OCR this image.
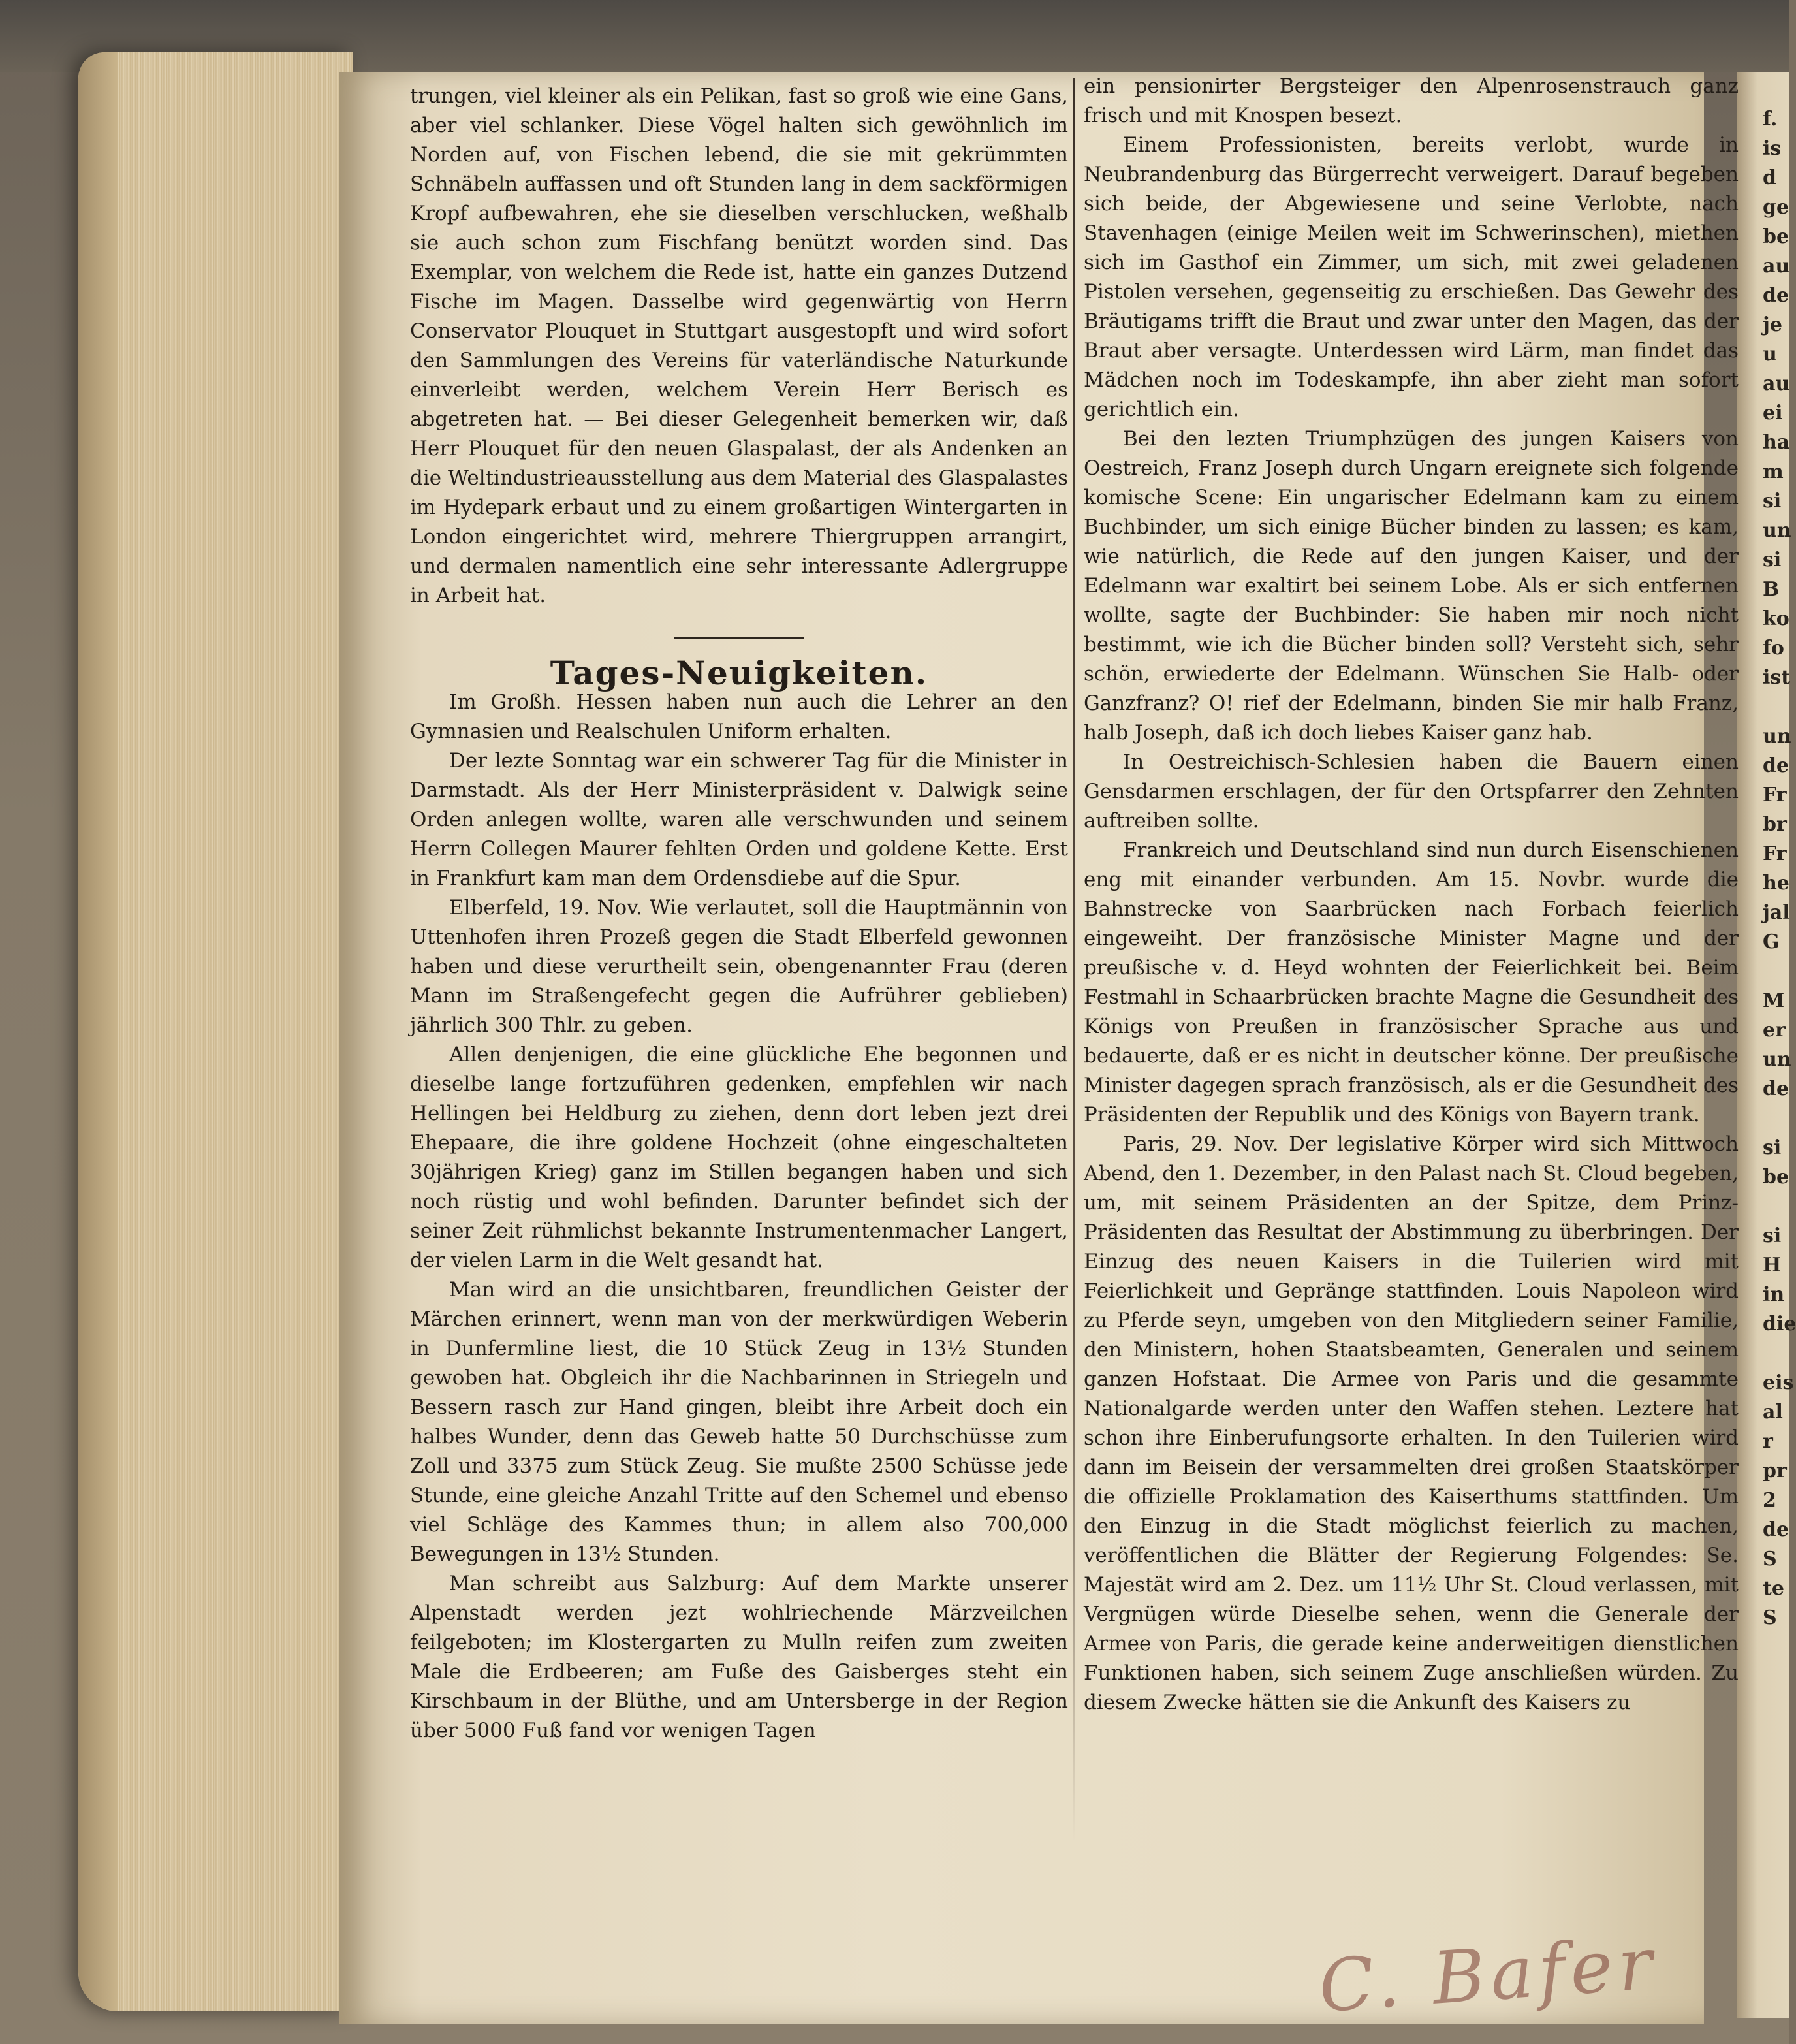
f.
is
d
ge
be
au
de
je
u
au
ei
ha
m
si
un
si
B
ko
fo
ist

un
de
Fr
br
Fr
he
jal
G

M
er
un
de

si
be

si
H
in
die

eis
al
r
pr
2
de
S
te
S

trungen, viel kleiner als ein Pelikan, fast so groß wie eine Gans, aber viel schlanker. Diese Vögel halten sich gewöhnlich im Norden auf, von Fischen lebend, die sie mit gekrümmten Schnäbeln auffassen und oft Stunden lang in dem sackförmigen Kropf aufbewahren, ehe sie dieselben verschlucken, weßhalb sie auch schon zum Fischfang benützt worden sind. Das Exemplar, von welchem die Rede ist, hatte ein ganzes Dutzend Fische im Magen. Dasselbe wird gegenwärtig von Herrn Conservator Plouquet in Stuttgart ausgestopft und wird sofort den Sammlungen des Vereins für vaterländische Naturkunde einverleibt werden, welchem Verein Herr Berisch es abgetreten hat. — Bei dieser Gelegenheit bemerken wir, daß Herr Plouquet für den neuen Glaspalast, der als Andenken an die Weltindustrieausstellung aus dem Material des Glaspalastes im Hydepark erbaut und zu einem großartigen Wintergarten in London eingerichtet wird, mehrere Thiergruppen arrangirt, und dermalen namentlich eine sehr interessante Adlergruppe in Arbeit hat.

Tages-Neuigkeiten.

Im Großh. Hessen haben nun auch die Lehrer an den Gymnasien und Realschulen Uniform erhalten.

Der lezte Sonntag war ein schwerer Tag für die Minister in Darmstadt. Als der Herr Ministerpräsident v. Dalwigk seine Orden anlegen wollte, waren alle verschwunden und seinem Herrn Collegen Maurer fehlten Orden und goldene Kette. Erst in Frankfurt kam man dem Ordensdiebe auf die Spur.

Elberfeld, 19. Nov. Wie verlautet, soll die Hauptmännin von Uttenhofen ihren Prozeß gegen die Stadt Elberfeld gewonnen haben und diese verurtheilt sein, obengenannter Frau (deren Mann im Straßengefecht gegen die Aufrührer geblieben) jährlich 300 Thlr. zu geben.

Allen denjenigen, die eine glückliche Ehe begonnen und dieselbe lange fortzuführen gedenken, empfehlen wir nach Hellingen bei Heldburg zu ziehen, denn dort leben jezt drei Ehepaare, die ihre goldene Hochzeit (ohne eingeschalteten 30jährigen Krieg) ganz im Stillen begangen haben und sich noch rüstig und wohl befinden. Darunter befindet sich der seiner Zeit rühmlichst bekannte Instrumentenmacher Langert, der vielen Larm in die Welt gesandt hat.

Man wird an die unsichtbaren, freundlichen Geister der Märchen erinnert, wenn man von der merkwürdigen Weberin in Dunfermline liest, die 10 Stück Zeug in 13½ Stunden gewoben hat. Obgleich ihr die Nachbarinnen in Striegeln und Bessern rasch zur Hand gingen, bleibt ihre Arbeit doch ein halbes Wunder, denn das Geweb hatte 50 Durchschüsse zum Zoll und 3375 zum Stück Zeug. Sie mußte 2500 Schüsse jede Stunde, eine gleiche Anzahl Tritte auf den Schemel und ebenso viel Schläge des Kammes thun; in allem also 700,000 Bewegungen in 13½ Stunden.

Man schreibt aus Salzburg: Auf dem Markte unserer Alpenstadt werden jezt wohlriechende Märzveilchen feilgeboten; im Klostergarten zu Mulln reifen zum zweiten Male die Erdbeeren; am Fuße des Gaisberges steht ein Kirschbaum in der Blüthe, und am Untersberge in der Region über 5000 Fuß fand vor wenigen Tagen

ein pensionirter Bergsteiger den Alpenrosenstrauch ganz frisch und mit Knospen besezt.

Einem Professionisten, bereits verlobt, wurde in Neubrandenburg das Bürgerrecht verweigert. Darauf begeben sich beide, der Abgewiesene und seine Verlobte, nach Stavenhagen (einige Meilen weit im Schwerinschen), miethen sich im Gasthof ein Zimmer, um sich, mit zwei geladenen Pistolen versehen, gegenseitig zu erschießen. Das Gewehr des Bräutigams trifft die Braut und zwar unter den Magen, das der Braut aber versagte. Unterdessen wird Lärm, man findet das Mädchen noch im Todeskampfe, ihn aber zieht man sofort gerichtlich ein.

Bei den lezten Triumphzügen des jungen Kaisers von Oestreich, Franz Joseph durch Ungarn ereignete sich folgende komische Scene: Ein ungarischer Edelmann kam zu einem Buchbinder, um sich einige Bücher binden zu lassen; es kam, wie natürlich, die Rede auf den jungen Kaiser, und der Edelmann war exaltirt bei seinem Lobe. Als er sich entfernen wollte, sagte der Buchbinder: Sie haben mir noch nicht bestimmt, wie ich die Bücher binden soll? Versteht sich, sehr schön, erwiederte der Edelmann. Wünschen Sie Halb- oder Ganzfranz? O! rief der Edelmann, binden Sie mir halb Franz, halb Joseph, daß ich doch liebes Kaiser ganz hab.

In Oestreichisch-Schlesien haben die Bauern einen Gensdarmen erschlagen, der für den Ortspfarrer den Zehnten auftreiben sollte.

Frankreich und Deutschland sind nun durch Eisenschienen eng mit einander verbunden. Am 15. Novbr. wurde die Bahnstrecke von Saarbrücken nach Forbach feierlich eingeweiht. Der französische Minister Magne und der preußische v. d. Heyd wohnten der Feierlichkeit bei. Beim Festmahl in Schaarbrücken brachte Magne die Gesundheit des Königs von Preußen in französischer Sprache aus und bedauerte, daß er es nicht in deutscher könne. Der preußische Minister dagegen sprach französisch, als er die Gesundheit des Präsidenten der Republik und des Königs von Bayern trank.

Paris, 29. Nov. Der legislative Körper wird sich Mittwoch Abend, den 1. Dezember, in den Palast nach St. Cloud begeben, um, mit seinem Präsidenten an der Spitze, dem Prinz-Präsidenten das Resultat der Abstimmung zu überbringen. Der Einzug des neuen Kaisers in die Tuilerien wird mit Feierlichkeit und Gepränge stattfinden. Louis Napoleon wird zu Pferde seyn, umgeben von den Mitgliedern seiner Familie, den Ministern, hohen Staatsbeamten, Generalen und seinem ganzen Hofstaat. Die Armee von Paris und die gesammte Nationalgarde werden unter den Waffen stehen. Leztere hat schon ihre Einberufungsorte erhalten. In den Tuilerien wird dann im Beisein der versammelten drei großen Staatskörper die offizielle Proklamation des Kaiserthums stattfinden. Um den Einzug in die Stadt möglichst feierlich zu machen, veröffentlichen die Blätter der Regierung Folgendes: Se. Majestät wird am 2. Dez. um 11½ Uhr St. Cloud verlassen, mit Vergnügen würde Dieselbe sehen, wenn die Generale der Armee von Paris, die gerade keine anderweitigen dienstlichen Funktionen haben, sich seinem Zuge anschließen würden. Zu diesem Zwecke hätten sie die Ankunft des Kaisers zu

C. Bafer
